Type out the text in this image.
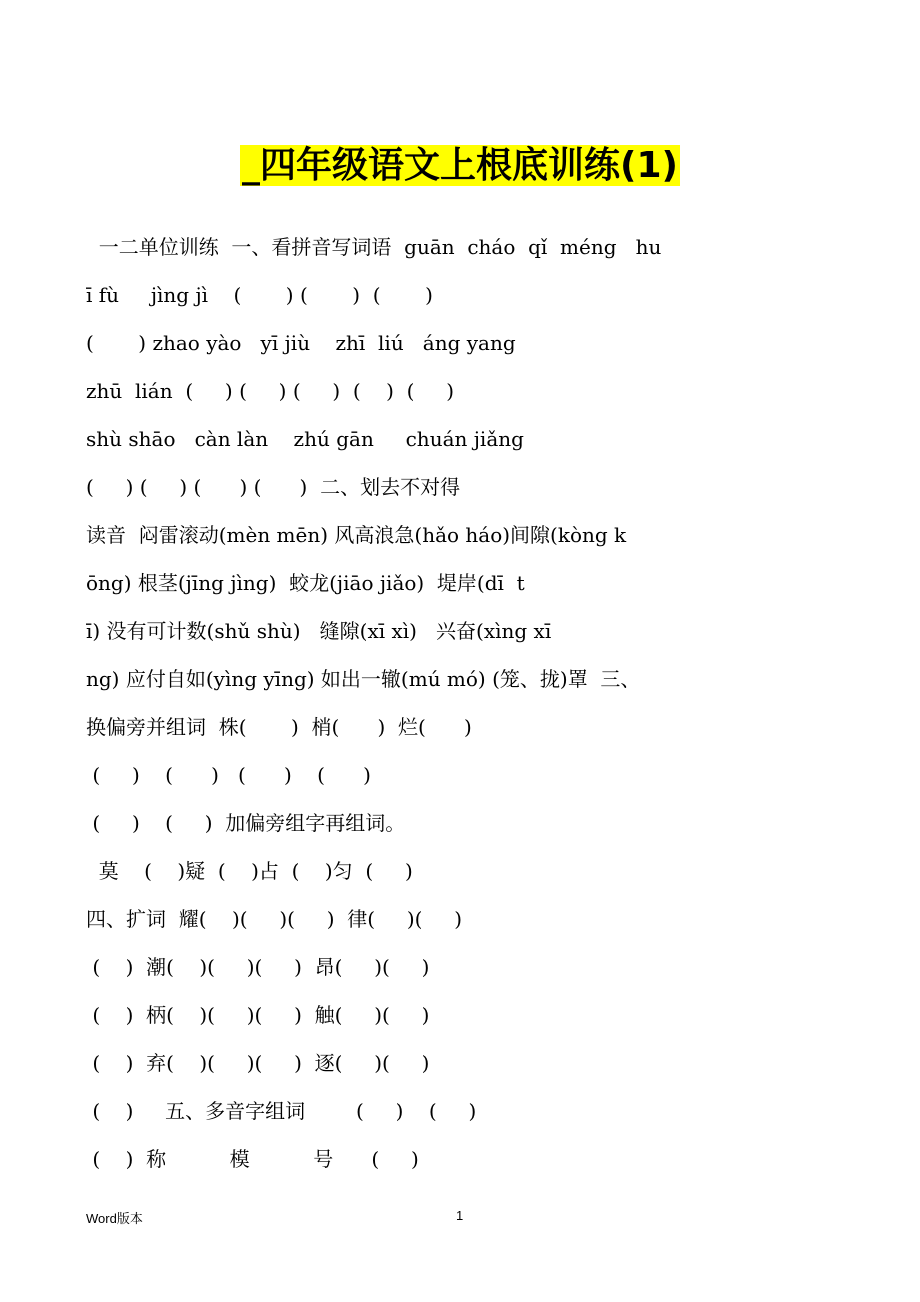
_四年级语文上根底训练(1)
一二单位训练  一、看拼音写词语  guān  cháo  qǐ  méng   hu
ī fù     jìng jì    (       ) (       )  (       )
(       ) zhao yào   yī jiù    zhī  liú   áng yang
zhū  lián  (     ) (     ) (     )  (    )  (     )
shù shāo   càn làn    zhú gān     chuán jiǎng
(     ) (     ) (      ) (      )  二、划去不对得
读音  闷雷滚动(mèn mēn) 风高浪急(hǎo háo)间隙(kòng k
ōng) 根茎(jīng jìng)  蛟龙(jiāo jiǎo)  堤岸(dī  t
ī) 没有可计数(shǔ shù)   缝隙(xī xì)   兴奋(xìng xī
ng) 应付自如(yìng yīng) 如出一辙(mú mó) (笼、拢)罩  三、
换偏旁并组词  株(       )  梢(      )  烂(      )
(     )    (      )   (      )    (      )
(     )    (     )  加偏旁组字再组词。
莫    (    )疑  (    )占  (    )匀  (     )
四、扩词  耀(    )(     )(     )  律(     )(     )
(    )  潮(    )(     )(     )  昂(     )(     )
(    )  柄(    )(     )(     )  触(     )(     )
(    )  弃(    )(     )(     )  逐(     )(     )
(    )     五、多音字组词        (     )    (     )
(    )  称          模          号      (     )
Word版本	1
